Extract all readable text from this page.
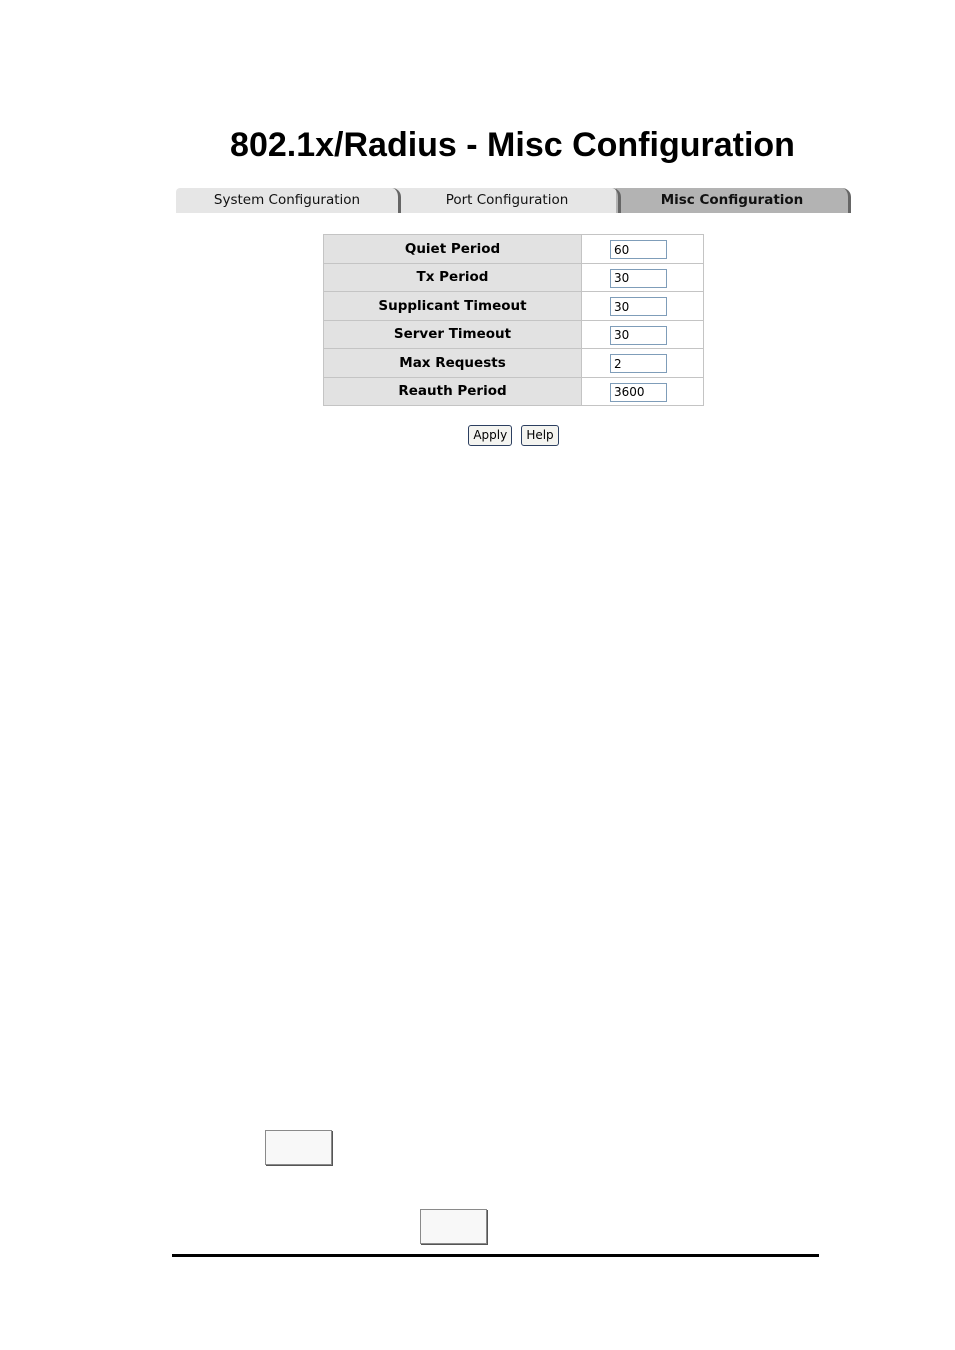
802.1x/Radius - Misc Configuration
System Configuration	Port Configuration	Misc Configuration
Quiet Period	60
Tx Period	30
Supplicant Timeout	30
Server Timeout	30
Max Requests	2
Reauth Period	3600
Apply Help
